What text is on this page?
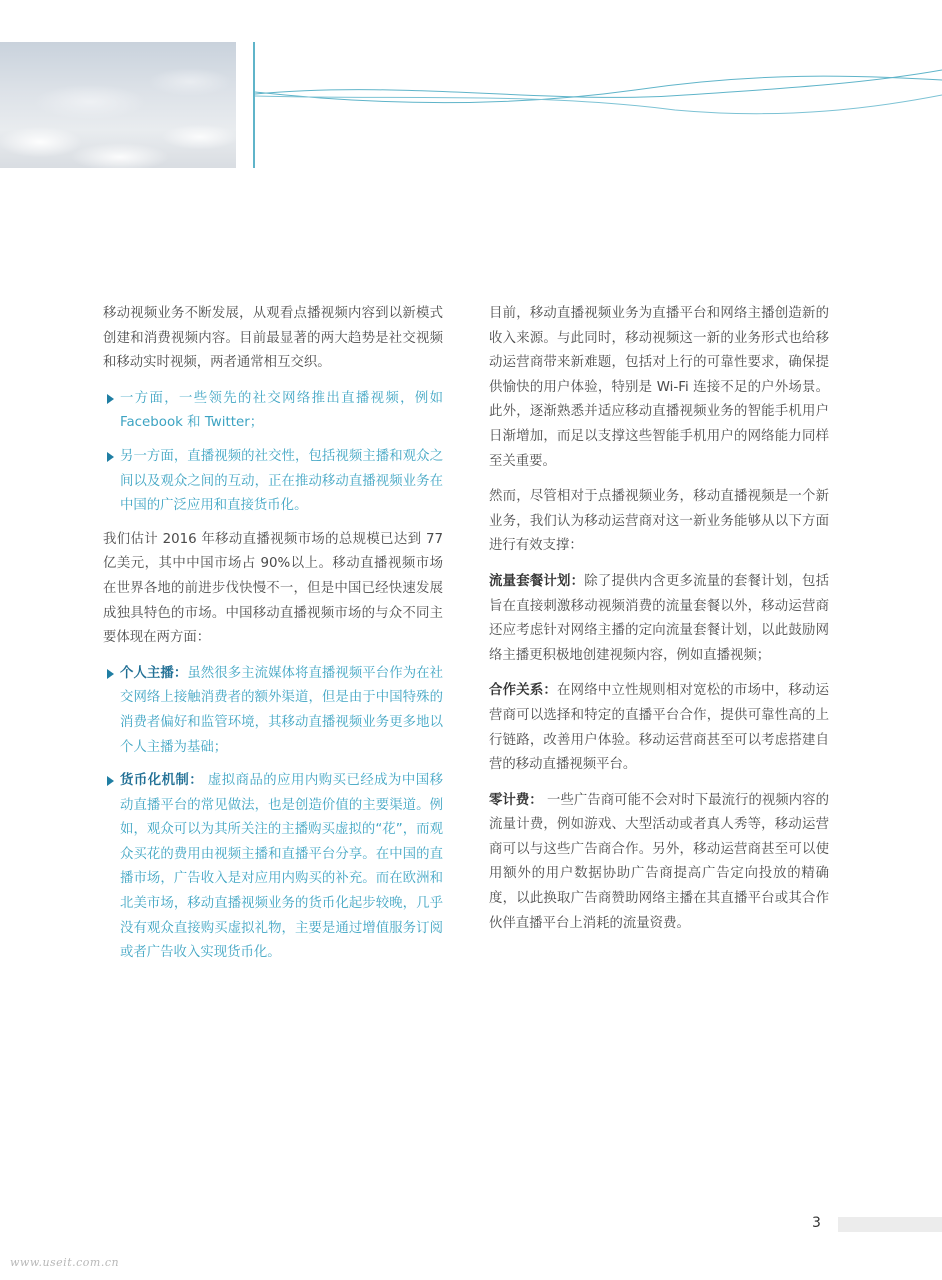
移动视频业务不断发展，从观看点播视频内容到以新模式创建和消费视频内容。目前最显著的两大趋势是社交视频和移动实时视频，两者通常相互交织。

一方面，一些领先的社交网络推出直播视频，例如 Facebook 和 Twitter；
另一方面，直播视频的社交性，包括视频主播和观众之间以及观众之间的互动，正在推动移动直播视频业务在中国的广泛应用和直接货币化。

我们估计 2016 年移动直播视频市场的总规模已达到 77 亿美元，其中中国市场占 90%以上。移动直播视频市场在世界各地的前进步伐快慢不一，但是中国已经快速发展成独具特色的市场。中国移动直播视频市场的与众不同主要体现在两方面：

个人主播：虽然很多主流媒体将直播视频平台作为在社交网络上接触消费者的额外渠道，但是由于中国特殊的消费者偏好和监管环境，其移动直播视频业务更多地以个人主播为基础；
货币化机制： 虚拟商品的应用内购买已经成为中国移动直播平台的常见做法，也是创造价值的主要渠道。例如，观众可以为其所关注的主播购买虚拟的“花”，而观众买花的费用由视频主播和直播平台分享。在中国的直播市场，广告收入是对应用内购买的补充。而在欧洲和北美市场，移动直播视频业务的货币化起步较晚，几乎没有观众直接购买虚拟礼物，主要是通过增值服务订阅或者广告收入实现货币化。

目前，移动直播视频业务为直播平台和网络主播创造新的收入来源。与此同时，移动视频这一新的业务形式也给移动运营商带来新难题，包括对上行的可靠性要求，确保提供愉快的用户体验，特别是 Wi-Fi 连接不足的户外场景。此外，逐渐熟悉并适应移动直播视频业务的智能手机用户日渐增加，而足以支撑这些智能手机用户的网络能力同样至关重要。

然而，尽管相对于点播视频业务，移动直播视频是一个新业务，我们认为移动运营商对这一新业务能够从以下方面进行有效支撑：

流量套餐计划：除了提供内含更多流量的套餐计划，包括旨在直接刺激移动视频消费的流量套餐以外，移动运营商还应考虑针对网络主播的定向流量套餐计划，以此鼓励网络主播更积极地创建视频内容，例如直播视频；

合作关系：在网络中立性规则相对宽松的市场中，移动运营商可以选择和特定的直播平台合作，提供可靠性高的上行链路，改善用户体验。移动运营商甚至可以考虑搭建自营的移动直播视频平台。

零计费： 一些广告商可能不会对时下最流行的视频内容的流量计费，例如游戏、大型活动或者真人秀等，移动运营商可以与这些广告商合作。另外，移动运营商甚至可以使用额外的用户数据协助广告商提高广告定向投放的精确度，以此换取广告商赞助网络主播在其直播平台或其合作伙伴直播平台上消耗的流量资费。

3
www.useit.com.cn
